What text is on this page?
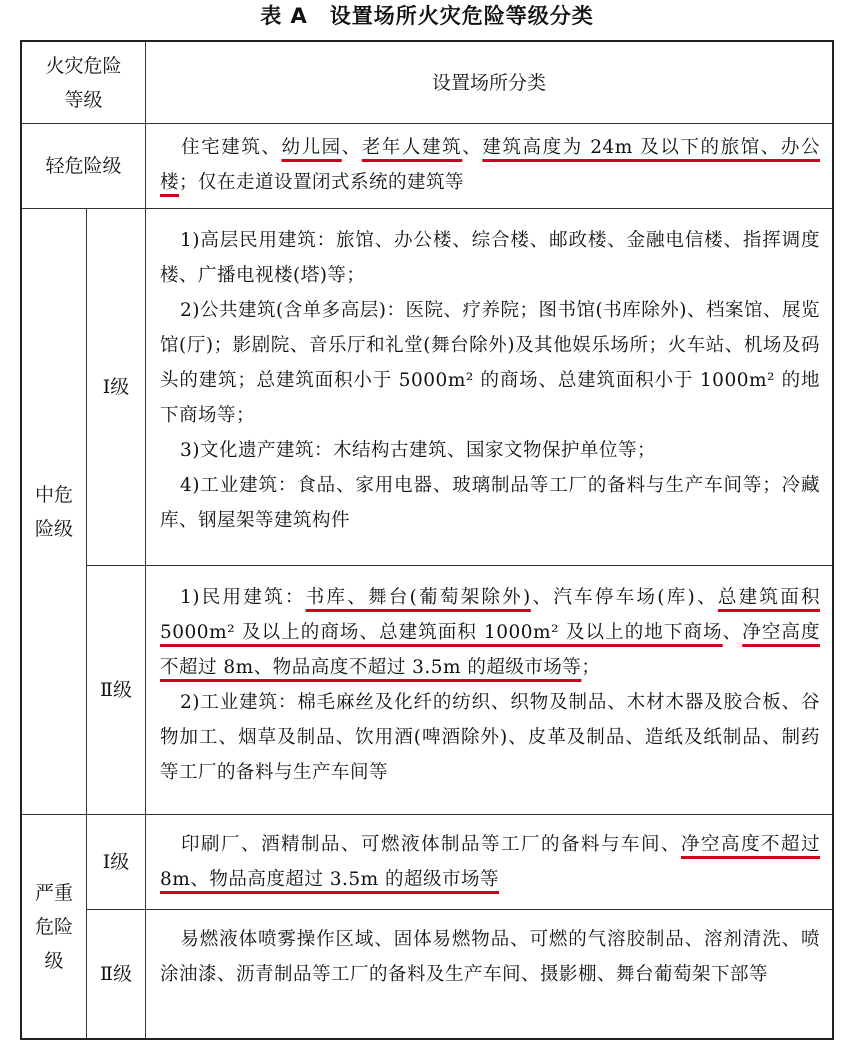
表 A 设置场所火灾危险等级分类
火灾危险
等级
设置场所分类
轻危险级

住宅建筑、幼儿园、老年人建筑、建筑高度为 24m 及以下的旅馆、办公楼；仅在走道设置闭式系统的建筑等

中危
险级
Ⅰ级

1)高层民用建筑：旅馆、办公楼、综合楼、邮政楼、金融电信楼、指挥调度楼、广播电视楼(塔)等；

2)公共建筑(含单多高层)：医院、疗养院；图书馆(书库除外)、档案馆、展览馆(厅)；影剧院、音乐厅和礼堂(舞台除外)及其他娱乐场所；火车站、机场及码头的建筑；总建筑面积小于 5000m² 的商场、总建筑面积小于 1000m² 的地下商场等；

3)文化遗产建筑：木结构古建筑、国家文物保护单位等；

4)工业建筑：食品、家用电器、玻璃制品等工厂的备料与生产车间等；冷藏库、钢屋架等建筑构件

Ⅱ级

1)民用建筑：书库、舞台(葡萄架除外)、汽车停车场(库)、总建筑面积 5000m² 及以上的商场、总建筑面积 1000m² 及以上的地下商场、净空高度不超过 8m、物品高度不超过 3.5m 的超级市场等；

2)工业建筑：棉毛麻丝及化纤的纺织、织物及制品、木材木器及胶合板、谷物加工、烟草及制品、饮用酒(啤酒除外)、皮革及制品、造纸及纸制品、制药等工厂的备料与生产车间等

严重
危险
级
Ⅰ级

印刷厂、酒精制品、可燃液体制品等工厂的备料与车间、净空高度不超过 8m、物品高度超过 3.5m 的超级市场等

Ⅱ级

易燃液体喷雾操作区域、固体易燃物品、可燃的气溶胶制品、溶剂清洗、喷涂油漆、沥青制品等工厂的备料及生产车间、摄影棚、舞台葡萄架下部等
